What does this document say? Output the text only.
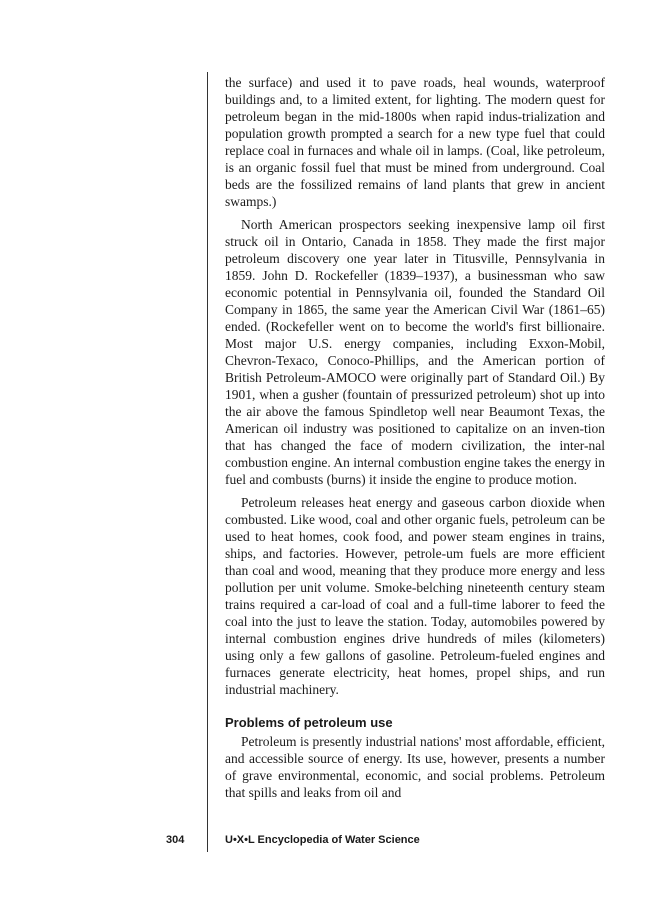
the surface) and used it to pave roads, heal wounds, waterproof buildings and, to a limited extent, for lighting. The modern quest for petroleum began in the mid-1800s when rapid indus-trialization and population growth prompted a search for a new type fuel that could replace coal in furnaces and whale oil in lamps. (Coal, like petroleum, is an organic fossil fuel that must be mined from underground. Coal beds are the fossilized remains of land plants that grew in ancient swamps.)

North American prospectors seeking inexpensive lamp oil first struck oil in Ontario, Canada in 1858. They made the first major petroleum discovery one year later in Titusville, Pennsylvania in 1859. John D. Rockefeller (1839–1937), a businessman who saw economic potential in Pennsylvania oil, founded the Standard Oil Company in 1865, the same year the American Civil War (1861–65) ended. (Rockefeller went on to become the world's first billionaire. Most major U.S. energy companies, including Exxon-Mobil, Chevron-Texaco, Conoco-Phillips, and the American portion of British Petroleum-AMOCO were originally part of Standard Oil.) By 1901, when a gusher (fountain of pressurized petroleum) shot up into the air above the famous Spindletop well near Beaumont Texas, the American oil industry was positioned to capitalize on an inven-tion that has changed the face of modern civilization, the inter-nal combustion engine. An internal combustion engine takes the energy in fuel and combusts (burns) it inside the engine to produce motion.

Petroleum releases heat energy and gaseous carbon dioxide when combusted. Like wood, coal and other organic fuels, petroleum can be used to heat homes, cook food, and power steam engines in trains, ships, and factories. However, petrole-um fuels are more efficient than coal and wood, meaning that they produce more energy and less pollution per unit volume. Smoke-belching nineteenth century steam trains required a car-load of coal and a full-time laborer to feed the coal into the just to leave the station. Today, automobiles powered by internal combustion engines drive hundreds of miles (kilometers) using only a few gallons of gasoline. Petroleum-fueled engines and furnaces generate electricity, heat homes, propel ships, and run industrial machinery.

Problems of petroleum use

Petroleum is presently industrial nations' most affordable, efficient, and accessible source of energy. Its use, however, presents a number of grave environmental, economic, and social problems. Petroleum that spills and leaks from oil and

304	U•X•L Encyclopedia of Water Science
